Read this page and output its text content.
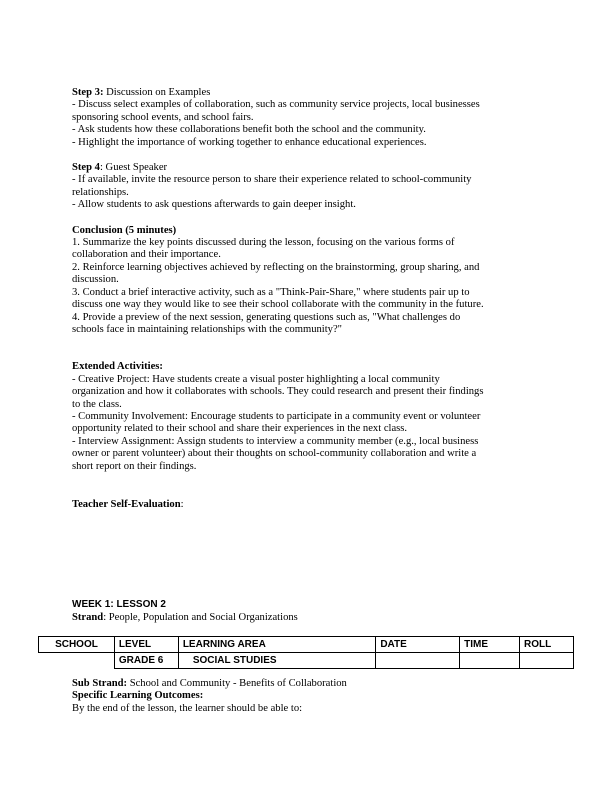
Step 3: Discussion on Examples
- Discuss select examples of collaboration, such as community service projects, local businesses
sponsoring school events, and school fairs.
- Ask students how these collaborations benefit both the school and the community.
- Highlight the importance of working together to enhance educational experiences.
Step 4: Guest Speaker
- If available, invite the resource person to share their experience related to school-community
relationships.
- Allow students to ask questions afterwards to gain deeper insight.
Conclusion (5 minutes)
1. Summarize the key points discussed during the lesson, focusing on the various forms of
collaboration and their importance.
2. Reinforce learning objectives achieved by reflecting on the brainstorming, group sharing, and
discussion.
3. Conduct a brief interactive activity, such as a "Think-Pair-Share," where students pair up to
discuss one way they would like to see their school collaborate with the community in the future.
4. Provide a preview of the next session, generating questions such as, "What challenges do
schools face in maintaining relationships with the community?"
Extended Activities:
- Creative Project: Have students create a visual poster highlighting a local community
organization and how it collaborates with schools. They could research and present their findings
to the class.
- Community Involvement: Encourage students to participate in a community event or volunteer
opportunity related to their school and share their experiences in the next class.
- Interview Assignment: Assign students to interview a community member (e.g., local business
owner or parent volunteer) about their thoughts on school-community collaboration and write a
short report on their findings.
Teacher Self-Evaluation:
WEEK 1: LESSON 2
Strand: People, Population and Social Organizations
SCHOOL	LEVEL	LEARNING AREA	DATE	TIME	ROLL
	GRADE 6	SOCIAL STUDIES			
Sub Strand: School and Community - Benefits of Collaboration
Specific Learning Outcomes:
By the end of the lesson, the learner should be able to:
